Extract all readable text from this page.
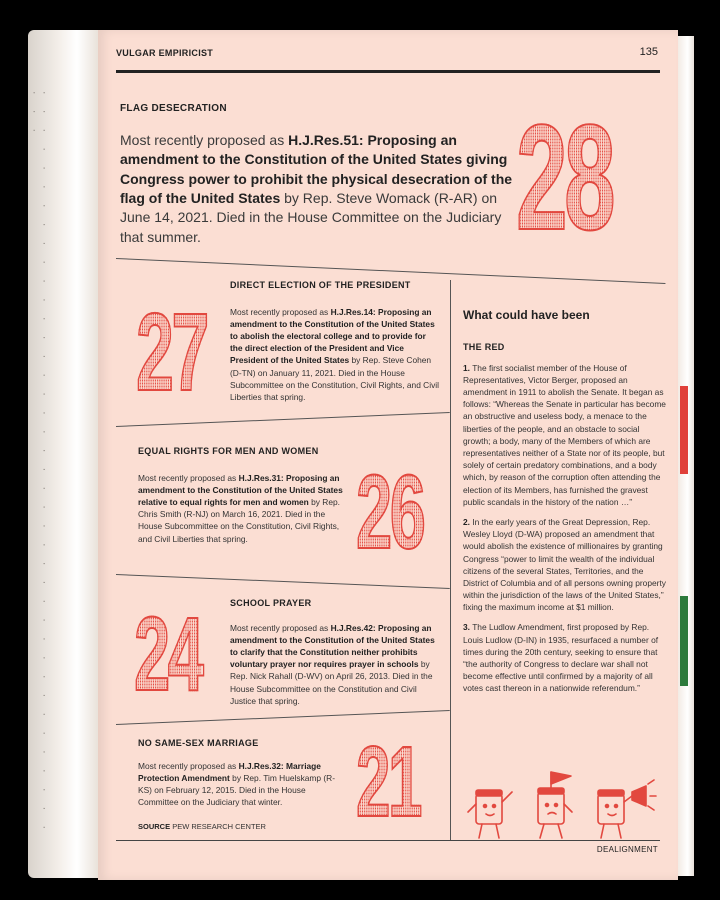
· · · · · · · · · · · · · · · · · · · · · · · · · · · · · · · · · · · · · · · · · · ·
VULGAR EMPIRICIST	135
FLAG DESECRATION
Most recently proposed as H.J.Res.51: Proposing an amendment to the Constitution of the United States giving Congress power to prohibit the physical desecration of the flag of the United States by Rep. Steve Womack (R-AR) on June 14, 2021. Died in the House Committee on the Judiciary that summer.	28
27
DIRECT ELECTION OF THE PRESIDENT
Most recently proposed as H.J.Res.14: Proposing an amendment to the Constitution of the United States to abolish the electoral college and to provide for the direct election of the President and Vice President of the United States by Rep. Steve Cohen (D-TN) on January 11, 2021. Died in the House Subcommittee on the Constitution, Civil Rights, and Civil Liberties that spring.
EQUAL RIGHTS FOR MEN AND WOMEN
Most recently proposed as H.J.Res.31: Proposing an amendment to the Constitution of the United States relative to equal rights for men and women by Rep. Chris Smith (R-NJ) on March 16, 2021. Died in the House Subcommittee on the Constitution, Civil Rights, and Civil Liberties that spring.	26
24	SCHOOL PRAYER
Most recently proposed as H.J.Res.42: Proposing an amendment to the Constitution of the United States to clarify that the Constitution neither prohibits voluntary prayer nor requires prayer in schools by Rep. Nick Rahall (D-WV) on April 26, 2013. Died in the House Subcommittee on the Constitution and Civil Justice that spring.
NO SAME-SEX MARRIAGE
Most recently proposed as H.J.Res.32: Marriage Protection Amendment by Rep. Tim Huelskamp (R-KS) on February 12, 2015. Died in the House Committee on the Judiciary that winter. 21
SOURCE PEW RESEARCH CENTER
What could have been
THE RED

1. The first socialist member of the House of Representatives, Victor Berger, proposed an amendment in 1911 to abolish the Senate. It began as follows: “Whereas the Senate in particular has become an obstructive and useless body, a menace to the liberties of the people, and an obstacle to social growth; a body, many of the Members of which are representatives neither of a State nor of its people, but solely of certain predatory combinations, and a body which, by reason of the corruption often attending the election of its Members, has furnished the gravest public scandals in the history of the nation …”

2. In the early years of the Great Depression, Rep. Wesley Lloyd (D-WA) proposed an amendment that would abolish the existence of millionaires by granting Congress “power to limit the wealth of the individual citizens of the several States, Territories, and the District of Columbia and of all persons owning property within the jurisdiction of the laws of the United States,” fixing the maximum income at $1 million.

3. The Ludlow Amendment, first proposed by Rep. Louis Ludlow (D-IN) in 1935, resurfaced a number of times during the 20th century, seeking to ensure that “the authority of Congress to declare war shall not become effective until confirmed by a majority of all votes cast thereon in a nationwide referendum.”

DEALIGNMENT
